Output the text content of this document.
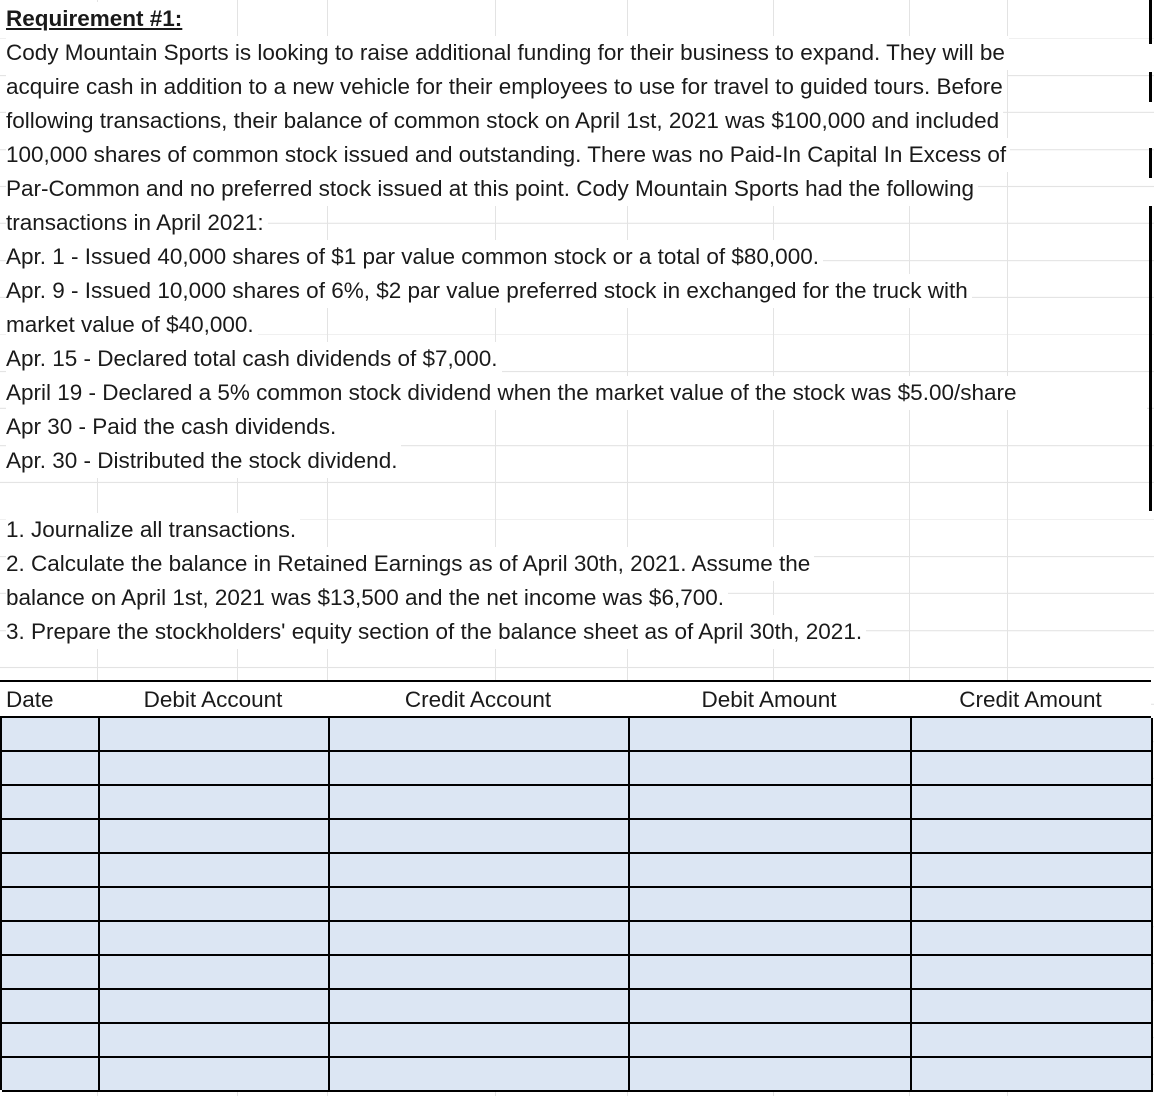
Requirement #1:
Cody Mountain Sports is looking to raise additional funding for their business to expand. They will be
acquire cash in addition to a new vehicle for their employees to use for travel to guided tours. Before
following transactions, their balance of common stock on April 1st, 2021 was $100,000 and included
100,000 shares of common stock issued and outstanding. There was no Paid-In Capital In Excess of
Par-Common and no preferred stock issued at this point. Cody Mountain Sports had the following
transactions in April 2021:
Apr. 1 - Issued 40,000 shares of $1 par value common stock or a total of $80,000.
Apr. 9 - Issued 10,000 shares of 6%, $2 par value preferred stock in exchanged for the truck with
market value of $40,000.
Apr. 15 - Declared total cash dividends of $7,000.
April 19 - Declared a 5% common stock dividend when the market value of the stock was $5.00/share
Apr 30 - Paid the cash dividends.
Apr. 30 - Distributed the stock dividend.
1. Journalize all transactions.
2. Calculate the balance in Retained Earnings as of April 30th, 2021. Assume the
balance on April 1st, 2021 was $13,500 and the net income was $6,700.
3. Prepare the stockholders' equity section of the balance sheet as of April 30th, 2021.
Date	Debit Account	Credit Account	Debit Amount	Credit Amount
